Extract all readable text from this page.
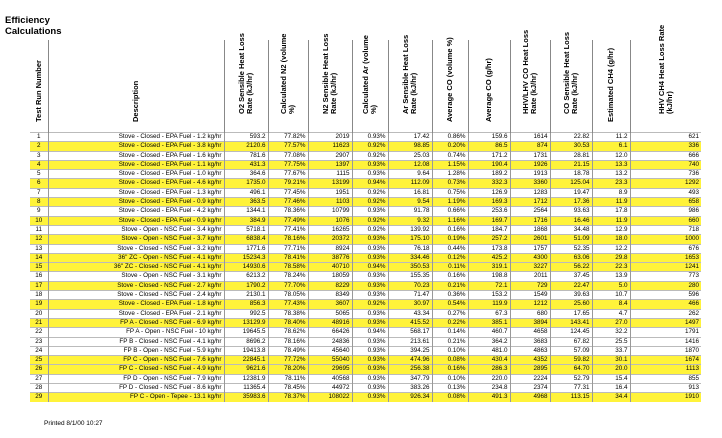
Efficiency
Calculations
Test Run Number	Description	O2 Sensible Heat Loss Rate (kJ/hr)	Calculated N2 (volume %)	N2 Sensible Heat Loss Rate (kJ/hr)	Calculated Ar (volume %)	Ar Sensible Heat Loss Rate (kJ/hr)	Average CO (volume %)	Average CO (g/hr)	HHV/LHV CO Heat Loss Rate (kJ/hr)	CO Sensible Heat Loss Rate (kJ/hr)	Estimated CH4 (g/hr)	HHV CH4 Heat Loss Rate (kJ/hr)

1	Stove - Closed - EPA Fuel - 1.2 kg/hr	593.2	77.82%	2019	0.93%	17.42	0.86%	159.6	1614	22.82	11.2	621
2	Stove - Closed - EPA Fuel - 3.8 kg/hr	2120.6	77.57%	11623	0.92%	98.85	0.20%	86.5	874	30.53	6.1	336
3	Stove - Closed - EPA Fuel - 1.6 kg/hr	781.6	77.08%	2907	0.92%	25.03	0.74%	171.2	1731	28.81	12.0	666
4	Stove - Closed - EPA Fuel - 1.1 kg/hr	431.3	77.75%	1397	0.93%	12.08	1.15%	190.4	1926	21.15	13.3	740
5	Stove - Closed - EPA Fuel - 1.0 kg/hr	364.6	77.67%	1115	0.93%	9.64	1.28%	189.2	1913	18.78	13.2	736
6	Stove - Closed - EPA Fuel - 4.6 kg/hr	1735.0	79.21%	13199	0.94%	112.09	0.73%	332.3	3360	125.04	23.3	1292
7	Stove - Closed - EPA Fuel - 1.3 kg/hr	496.1	77.45%	1951	0.92%	16.81	0.75%	126.9	1283	19.47	8.9	493
8	Stove - Closed - EPA Fuel - 0.9 kg/hr	363.5	77.46%	1103	0.92%	9.54	1.19%	169.3	1712	17.36	11.9	658
9	Stove - Closed - EPA Fuel - 4.2 kg/hr	1344.1	78.36%	10799	0.93%	91.78	0.66%	253.6	2564	93.63	17.8	986
10	Stove - Closed - EPA Fuel - 0.9 kg/hr	384.9	77.49%	1076	0.92%	9.32	1.16%	169.7	1716	16.46	11.9	660
11	Stove - Open - NSC Fuel - 3.4 kg/hr	5718.1	77.41%	16265	0.92%	139.92	0.16%	184.7	1868	34.48	12.9	718
12	Stove - Open - NSC Fuel - 3.7 kg/hr	6838.4	78.16%	20372	0.93%	175.10	0.19%	257.2	2601	51.09	18.0	1000
13	Stove - Closed - NSC Fuel - 3.2 kg/hr	1771.6	77.71%	8924	0.93%	76.18	0.44%	173.8	1757	52.35	12.2	676
14	36" ZC - Open - NSC Fuel - 4.1 kg/hr	15234.3	78.41%	38776	0.93%	334.46	0.12%	425.2	4300	63.06	29.8	1653
15	36" ZC - Closed - NSC Fuel - 4.1 kg/hr	14930.6	78.58%	40710	0.94%	350.53	0.11%	319.1	3227	56.22	22.3	1241
16	Stove - Open - NSC Fuel - 3.1 kg/hr	6213.2	78.24%	18059	0.93%	155.35	0.16%	198.8	2011	37.45	13.9	773
17	Stove - Closed - NSC Fuel - 2.7 kg/hr	1790.2	77.70%	8229	0.93%	70.23	0.21%	72.1	729	22.47	5.0	280
18	Stove - Closed - NSC Fuel - 2.4 kg/hr	2130.1	78.05%	8349	0.93%	71.47	0.36%	153.2	1549	39.63	10.7	596
19	Stove - Closed - EPA Fuel - 1.8 kg/hr	856.3	77.43%	3607	0.92%	30.97	0.54%	119.9	1212	25.60	8.4	466
20	Stove - Closed - EPA Fuel - 2.1 kg/hr	992.5	78.38%	5065	0.93%	43.34	0.27%	67.3	680	17.65	4.7	262
21	FP A - Closed - NSC Fuel - 6.9 kg/hr	13129.9	78.40%	48916	0.93%	415.52	0.22%	385.1	3894	143.41	27.0	1497
22	FP A - Open - NSC Fuel - 10 kg/hr	19645.5	78.62%	66426	0.94%	568.17	0.14%	460.7	4658	124.45	32.2	1791
23	FP B - Closed - NSC Fuel - 4.1 kg/hr	8696.2	78.16%	24836	0.93%	213.61	0.21%	364.2	3683	67.82	25.5	1416
24	FP B - Open - NSC Fuel - 5.9 kg/hr	19413.8	78.49%	45640	0.93%	394.25	0.10%	481.0	4863	57.09	33.7	1870
25	FP C - Open - NSC Fuel - 7.6 kg/hr	22845.1	77.72%	55040	0.93%	474.96	0.08%	430.4	4352	59.82	30.1	1674
26	FP C - Closed - NSC Fuel - 4.9 kg/hr	9621.6	78.20%	29695	0.93%	256.38	0.16%	286.3	2895	64.70	20.0	1113
27	FP D - Open - NSC Fuel - 7.9 kg/hr	12381.9	78.11%	40568	0.93%	347.79	0.10%	220.0	2224	52.79	15.4	855
28	FP D - Closed - NSC Fuel - 8.6 kg/hr	11365.4	78.45%	44972	0.93%	383.26	0.13%	234.8	2374	77.31	16.4	913
29	FP C - Open - Tepee - 13.1 kg/hr	35983.6	78.37%	108022	0.93%	926.34	0.08%	491.3	4968	113.15	34.4	1910
Printed 8/1/00 10:27
